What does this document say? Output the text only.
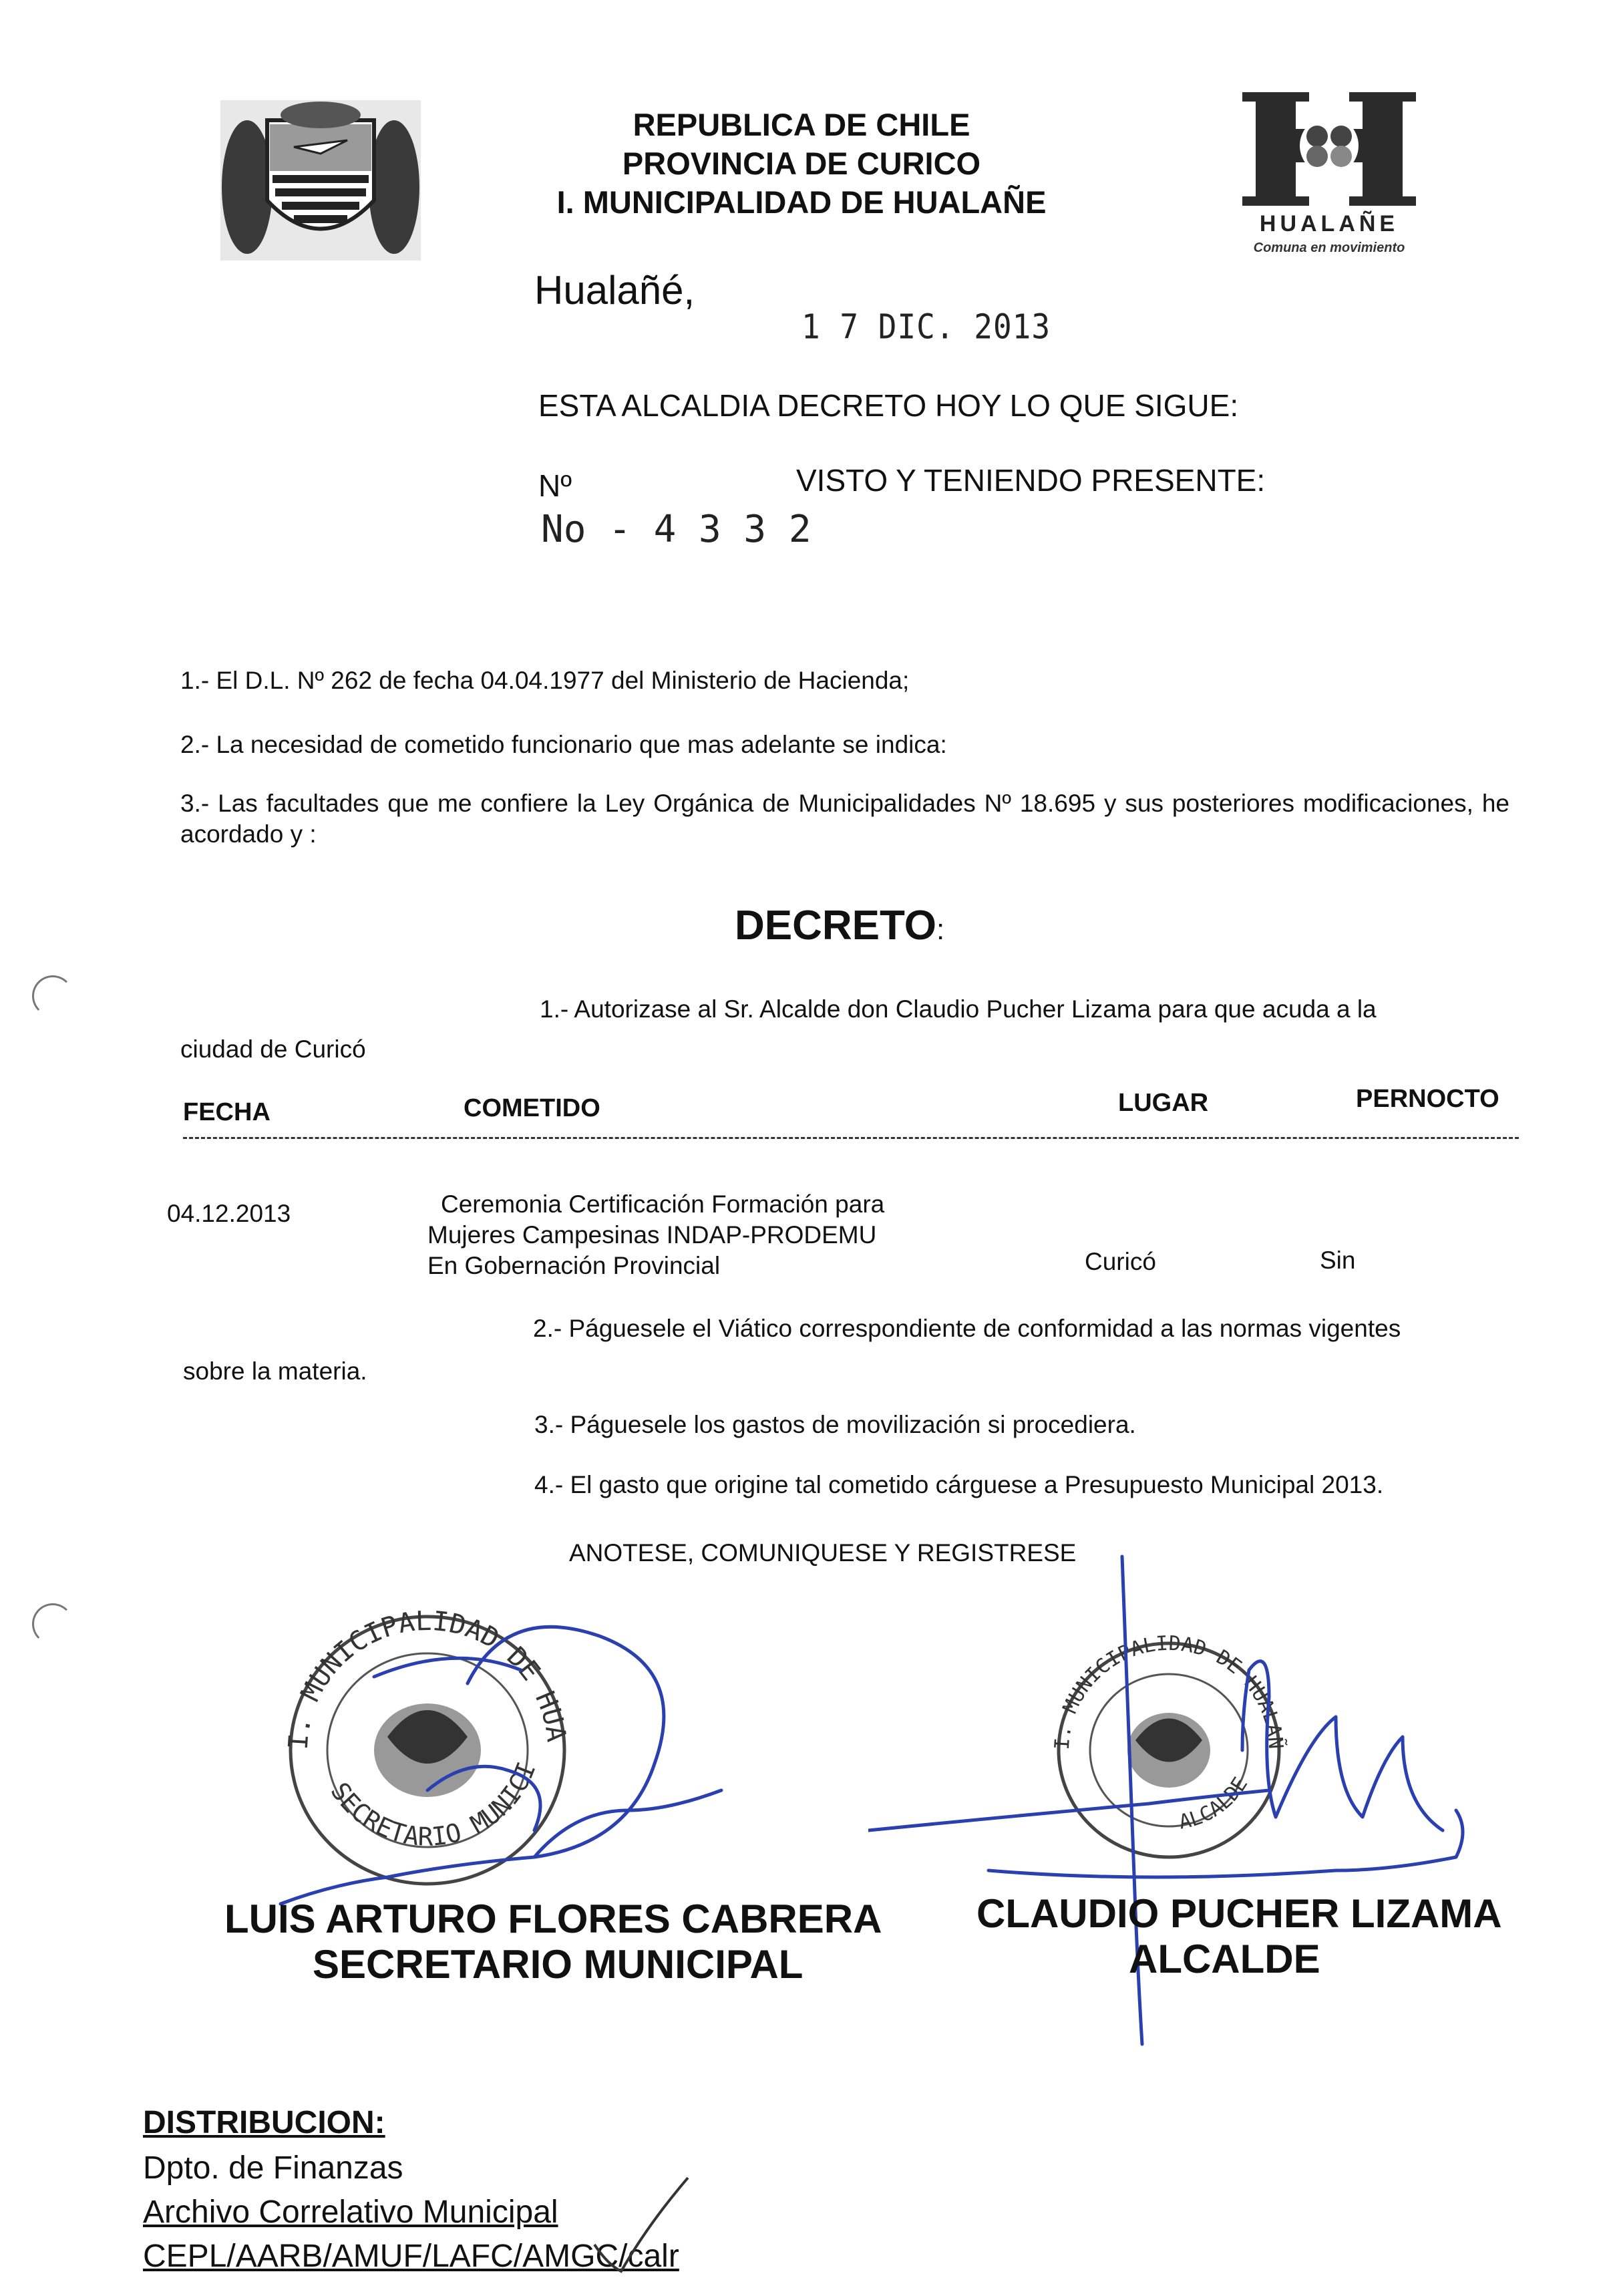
REPUBLICA DE CHILE
PROVINCIA DE CURICO
I. MUNICIPALIDAD DE HUALAÑE
HUALAÑE
Comuna en movimiento
Hualañé,
1 7 DIC. 2013
ESTA ALCALDIA DECRETO HOY LO QUE SIGUE:
Nº	VISTO Y TENIENDO PRESENTE:
No - 4 3 3 2
1.- El D.L. Nº 262 de fecha 04.04.1977 del Ministerio de Hacienda;
2.- La necesidad de cometido funcionario que mas adelante se indica:
3.- Las facultades que me confiere la Ley Orgánica de Municipalidades Nº 18.695 y sus posteriores modificaciones, he acordado y :
DECRETO:
1.- Autorizase al Sr. Alcalde don Claudio Pucher Lizama para que acuda a la
ciudad de Curicó
FECHA	COMETIDO	LUGAR	PERNOCTO
04.12.2013	Ceremonia Certificación Formación para
Mujeres Campesinas INDAP-PRODEMU
En Gobernación Provincial	Curicó	Sin
2.- Páguesele el Viático correspondiente de conformidad a las normas vigentes
sobre la materia.
3.- Páguesele los gastos de movilización si procediera.
4.- El gasto que origine tal cometido cárguese a Presupuesto Municipal 2013.
ANOTESE, COMUNIQUESE Y REGISTRESE
I. MUNICIPALIDAD DE HUA
SECRETARIO MUNICI
I. MUNICIPALIDAD DE HUALAÑ
ALCALDE
LUIS ARTURO FLORES CABRERA
SECRETARIO MUNICIPAL
CLAUDIO PUCHER LIZAMA
ALCALDE
DISTRIBUCION:
Dpto. de Finanzas
Archivo Correlativo Municipal
CEPL/AARB/AMUF/LAFC/AMGC/calr
